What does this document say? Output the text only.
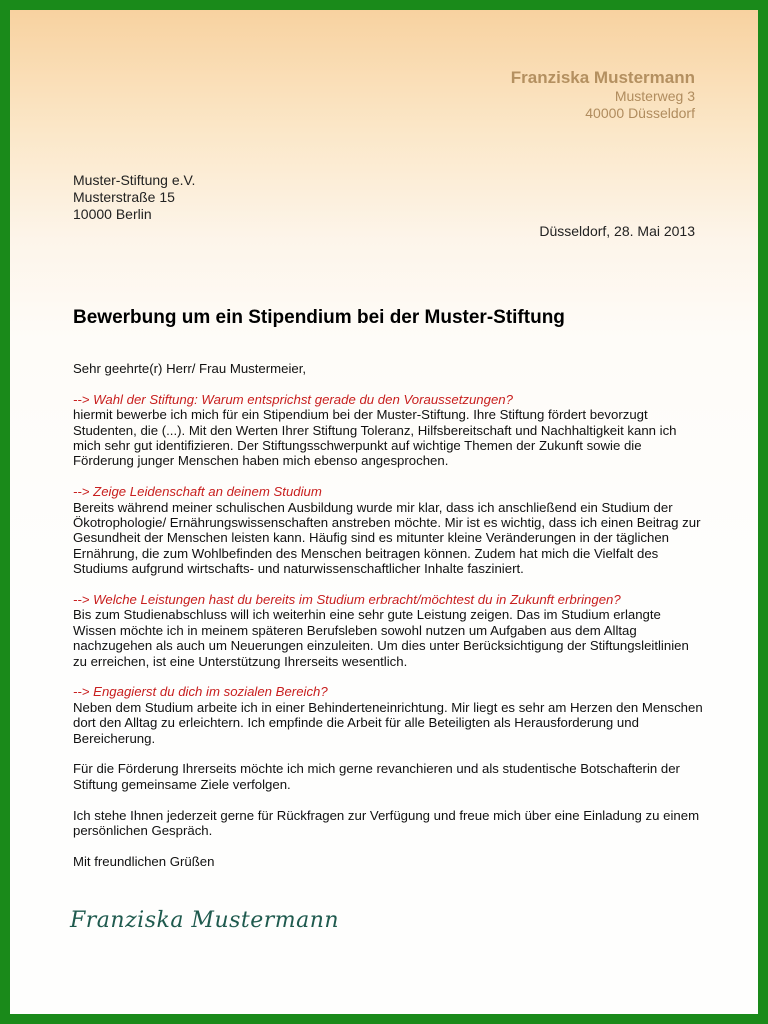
Franziska Mustermann
Musterweg 3
40000 Düsseldorf
Muster-Stiftung e.V.
Musterstraße 15
10000 Berlin
Düsseldorf, 28. Mai 2013
Bewerbung um ein Stipendium bei der Muster-Stiftung

Sehr geehrte(r) Herr/ Frau Mustermeier,

--> Wahl der Stiftung: Warum entsprichst gerade du den Voraussetzungen?
hiermit bewerbe ich mich für ein Stipendium bei der Muster-Stiftung. Ihre Stiftung fördert bevorzugt Studenten, die (...). Mit den Werten Ihrer Stiftung Toleranz, Hilfsbereitschaft und Nachhaltigkeit kann ich mich sehr gut identifizieren. Der Stiftungsschwerpunkt auf wichtige Themen der Zukunft sowie die Förderung junger Menschen haben mich ebenso angesprochen.

--> Zeige Leidenschaft an deinem Studium
Bereits während meiner schulischen Ausbildung wurde mir klar, dass ich anschließend ein Studium der Ökotrophologie/ Ernährungswissenschaften anstreben möchte. Mir ist es wichtig, dass ich einen Beitrag zur Gesundheit der Menschen leisten kann. Häufig sind es mitunter kleine Veränderungen in der täglichen Ernährung, die zum Wohlbefinden des Menschen beitragen können. Zudem hat mich die Vielfalt des Studiums aufgrund wirtschafts- und naturwissenschaftlicher Inhalte fasziniert.

--> Welche Leistungen hast du bereits im Studium erbracht/möchtest du in Zukunft erbringen?
Bis zum Studienabschluss will ich weiterhin eine sehr gute Leistung zeigen. Das im Studium erlangte Wissen möchte ich in meinem späteren Berufsleben sowohl nutzen um Aufgaben aus dem Alltag nachzugehen als auch um Neuerungen einzuleiten. Um dies unter Berücksichtigung der Stiftungsleitlinien zu erreichen, ist eine Unterstützung Ihrerseits wesentlich.

--> Engagierst du dich im sozialen Bereich?
Neben dem Studium arbeite ich in einer Behinderteneinrichtung. Mir liegt es sehr am Herzen den Menschen dort den Alltag zu erleichtern. Ich empfinde die Arbeit für alle Beteiligten als Herausforderung und Bereicherung.

Für die Förderung Ihrerseits möchte ich mich gerne revanchieren und als studentische Botschafterin der Stiftung gemeinsame Ziele verfolgen.

Ich stehe Ihnen jederzeit gerne für Rückfragen zur Verfügung und freue mich über eine Einladung zu einem persönlichen Gespräch.

Mit freundlichen Grüßen

Franziska Mustermann
